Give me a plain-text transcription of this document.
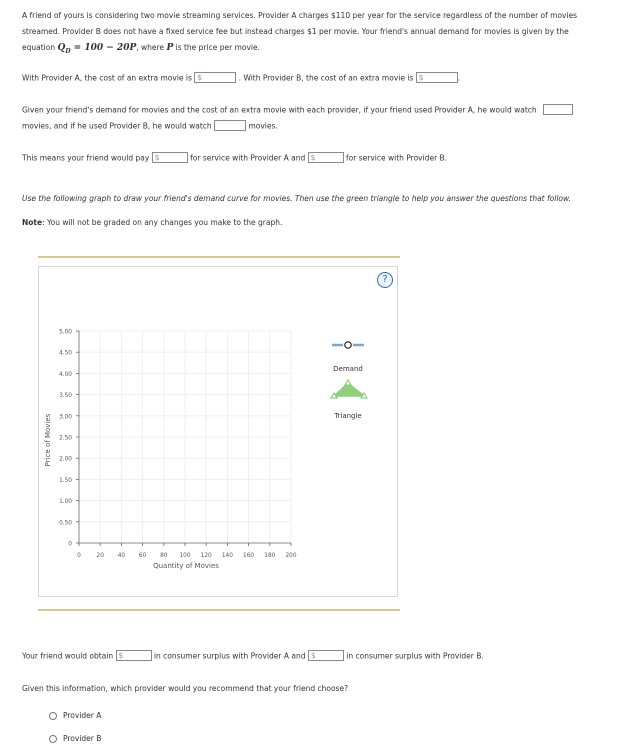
A friend of yours is considering two movie streaming services. Provider A charges $110 per year for the service regardless of the number of movies
streamed. Provider B does not have a fixed service fee but instead charges $1 per movie. Your friend's annual demand for movies is given by the
equation $Q_D = 100 - 20P$, where P is the price per movie.
With Provider A, the cost of an extra movie is $	. With Provider B, the cost of an extra movie is $	.
Given your friend's demand for movies and the cost of an extra movie with each provider, if your friend used Provider A, he would watch
movies, and if he used Provider B, he would watch	movies.
This means your friend would pay $	for service with Provider A and $	for service with Provider B.
Use the following graph to draw your friend's demand curve for movies. Then use the green triangle to help you answer the questions that follow.
Note: You will not be graded on any changes you make to the graph.
?
0
0.50
1.00
1.50
2.00
2.50
3.00
3.50
4.00
4.50
5.00
0	20 40 60 80 100 120 140 160 180 200
Price of Movies
Quantity of Movies
Demand
Triangle
Your friend would obtain $	in consumer surplus with Provider A and $	in consumer surplus with Provider B.
Given this information, which provider would you recommend that your friend choose?
Provider A
Provider B
